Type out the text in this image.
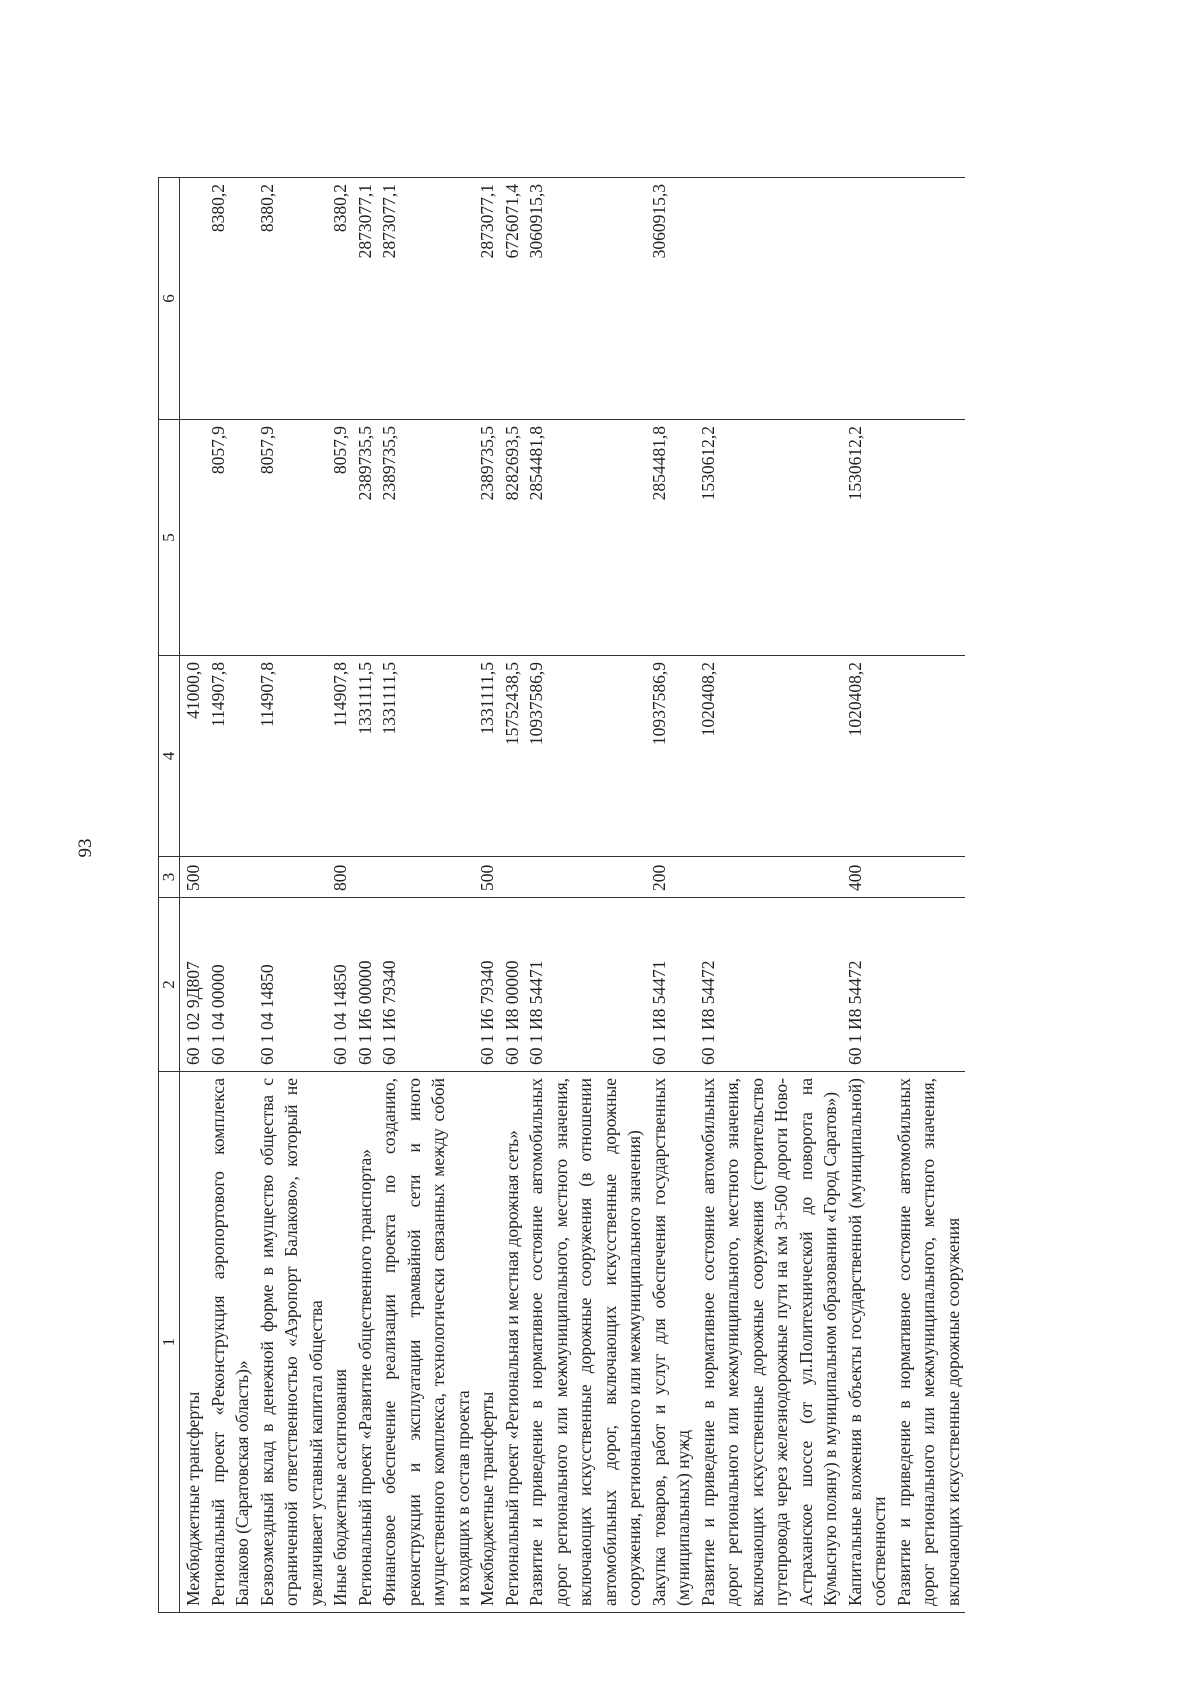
93
1	2	3	4	5	6
Межбюджетные трансферты	60 1 02 9Д807	500	41000,0		

Региональный проект «Реконструкция аэропортового комплекса Балаково (Саратовская область)»	60 1 04 00000		114907,8	8057,9	8380,2

Безвозмездный вклад в денежной форме в имущество общества с ограниченной ответственностью «Аэропорт Балаково», который не увеличивает уставный капитал общества	60 1 04 14850		114907,8	8057,9	8380,2

Иные бюджетные ассигнования	60 1 04 14850	800	114907,8	8057,9	8380,2

Региональный проект «Развитие общественного транспорта»	60 1 И6 00000		1331111,5	2389735,5	2873077,1

Финансовое обеспечение реализации проекта по созданию, реконструкции и эксплуатации трамвайной сети и иного имущественного комплекса, технологически связанных между собой и входящих в состав проекта	60 1 И6 79340		1331111,5	2389735,5	2873077,1

Межбюджетные трансферты	60 1 И6 79340	500	1331111,5	2389735,5	2873077,1

Региональный проект «Региональная и местная дорожная сеть»	60 1 И8 00000		15752438,5	8282693,5	6726071,4

Развитие и приведение в нормативное состояние автомобильных дорог регионального или межмуниципального, местного значения, включающих искусственные дорожные сооружения (в отношении автомобильных дорог, включающих искусственные дорожные сооружения, регионального или межмуниципального значения)	60 1 И8 54471		10937586,9	2854481,8	3060915,3

Закупка товаров, работ и услуг для обеспечения государственных (муниципальных) нужд	60 1 И8 54471	200	10937586,9	2854481,8	3060915,3

Развитие и приведение в нормативное состояние автомобильных дорог регионального или межмуниципального, местного значения, включающих искусственные дорожные сооружения (строительство путепровода через железнодорожные пути на км 3+500 дороги Ново-Астраханское шоссе (от ул.Политехнической до поворота на Кумысную поляну) в муниципальном образовании «Город Саратов»)	60 1 И8 54472		1020408,2	1530612,2	

Капитальные вложения в объекты государственной (муниципальной) собственности	60 1 И8 54472	400	1020408,2	1530612,2	

Развитие и приведение в нормативное состояние автомобильных дорог регионального или межмуниципального, местного значения, включающих искусственные дорожные сооружения	
